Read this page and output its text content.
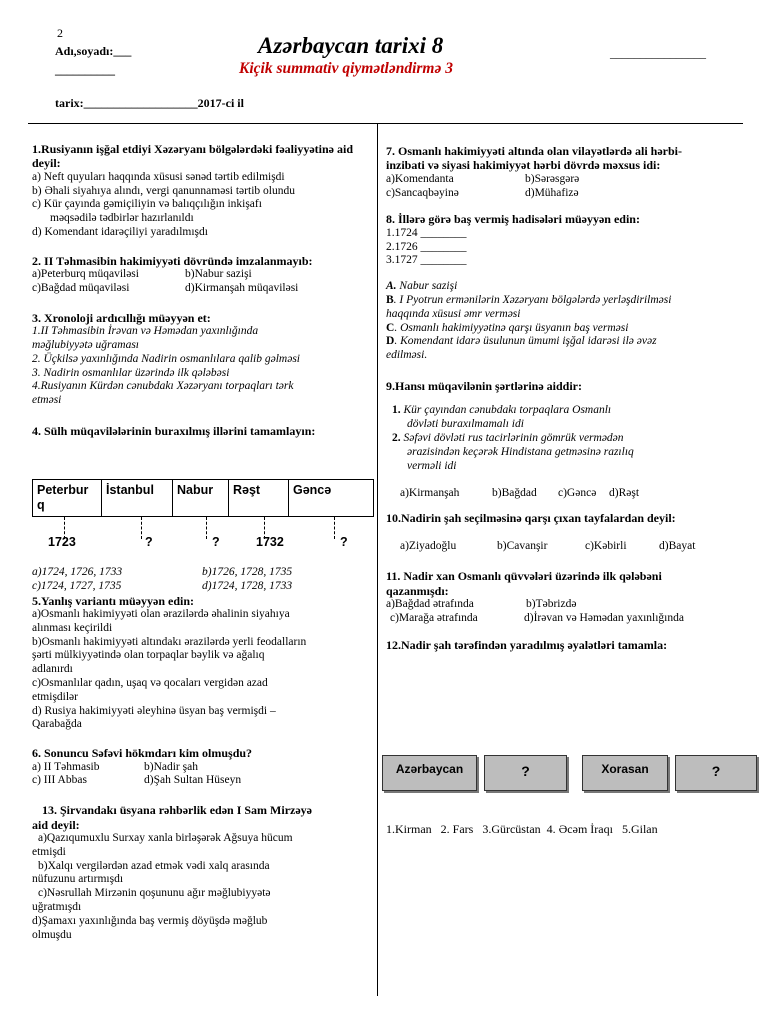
2
Adı,soyadı:___
__________
Azərbaycan tarixi 8	________________
Kiçik summativ qiymətləndirmə 3
tarix:___________________2017-ci il

1.Rusiyanın işğal etdiyi Xəzəryanı bölgələrdəki fəaliyyətinə aid deyil:

a) Neft quyuları haqqında xüsusi sənəd tərtib edilmişdi

b) Əhali siyahıya alındı, vergi qanunnaməsi tərtib olundu

c) Kür çayında gəmiçiliyin və balıqçılığın inkişafı

məqsədilə tədbirlər hazırlanıldı

d) Komendant idarəçiliyi yaradılmışdı

2. II Təhmasibin hakimiyyəti dövründə imzalanmayıb:

a)Peterburq müqaviləsi	b)Nabur sazişi
c)Bağdad müqaviləsi	d)Kirmanşah müqaviləsi

3. Xronoloji ardıcıllığı müəyyən et:

1.II Təhmasibin İrəvan və Həmədan yaxınlığında

məğlubiyyətə uğraması

2. Üçkilsə yaxınlığında Nadirin osmanlılara qalib gəlməsi

3. Nadirin osmanlılar üzərində ilk qələbəsi

4.Rusiyanın Kürdən cənubdakı Xəzəryanı torpaqları tərk

etməsi

4. Sülh müqavilələrinin buraxılmış illərini tamamlayın:

Peterbur
q
İstanbul	Nabur	Rəşt	Gəncə
1723	?	?	1732	?
a)1724, 1726, 1733	b)1726, 1728, 1735
c)1724, 1727, 1735	d)1724, 1728, 1733

5.Yanlış variantı müəyyən edin:

a)Osmanlı hakimiyyəti olan ərazilərdə əhalinin siyahıya

alınması keçirildi

b)Osmanlı hakimiyyəti altındakı ərazilərdə yerli feodalların

şərti mülkiyyətində olan torpaqlar bəylik və ağalıq

adlanırdı

c)Osmanlılar qadın, uşaq və qocaları vergidən azad

etmişdilər

d) Rusiya hakimiyyəti əleyhinə üsyan baş vermişdi –

Qarabağda

6. Sonuncu Səfəvi hökmdarı kim olmuşdu?

a) II Təhmasib	b)Nadir şah
c) III Abbas	d)Şah Sultan Hüseyn

13. Şirvandakı üsyana rəhbərlik edən I Sam Mirzəyə

aid deyil:

a)Qazıqumuxlu Surxay xanla birləşərək Ağsuya hücum

etmişdi

b)Xalqı vergilərdən azad etmək vədi xalq arasında

nüfuzunu artırmışdı

c)Nəsrullah Mirzənin qoşununu ağır məğlubiyyətə

uğratmışdı

d)Şamaxı yaxınlığında baş vermiş döyüşdə məğlub

olmuşdu

7. Osmanlı hakimiyyəti altında olan vilayətlərdə ali hərbi-

inzibati və siyasi hakimiyyət hərbi dövrdə məxsus idi:

a)Komendanta	b)Sərəsgərə
c)Sancaqbəyinə	d)Mühafizə

8. İllərə görə baş vermiş hadisələri müəyyən edin:

1.1724 ________

2.1726 ________

3.1727 ________

A. Nabur sazişi

B. I Pyotrun ermənilərin Xəzəryanı bölgələrdə yerləşdirilməsi

haqqında xüsusi əmr verməsi

C. Osmanlı hakimiyyətinə qarşı üsyanın baş verməsi

D. Komendant idarə üsulunun ümumi işğal idarəsi ilə əvəz

edilməsi.

9.Hansı müqavilənin şərtlərinə aiddir:

1. Kür çayından cənubdakı torpaqlara Osmanlı

dövləti buraxılmamalı idi

2. Səfəvi dövləti rus tacirlərinin gömrük vermədən

ərazisindən keçərək Hindistana getməsinə razılıq

verməli idi

a)Kirmanşah	b)Bağdad	c)Gəncə	d)Rəşt

10.Nadirin şah seçilməsinə qarşı çıxan tayfalardan deyil:

a)Ziyadoğlu	b)Cavanşir	c)Kəbirli	d)Bayat

11. Nadir xan Osmanlı qüvvələri üzərində ilk qələbəni

qazanmışdı:

a)Bağdad ətrafında	b)Təbrizdə
c)Marağa ətrafında	d)İrəvan və Həmədan yaxınlığında

12.Nadir şah tərəfindən yaradılmış əyalətləri tamamla:

Azərbaycan	?	Xorasan	?
1.Kirman   2. Fars   3.Gürcüstan  4. Əcəm İraqı   5.Gilan
